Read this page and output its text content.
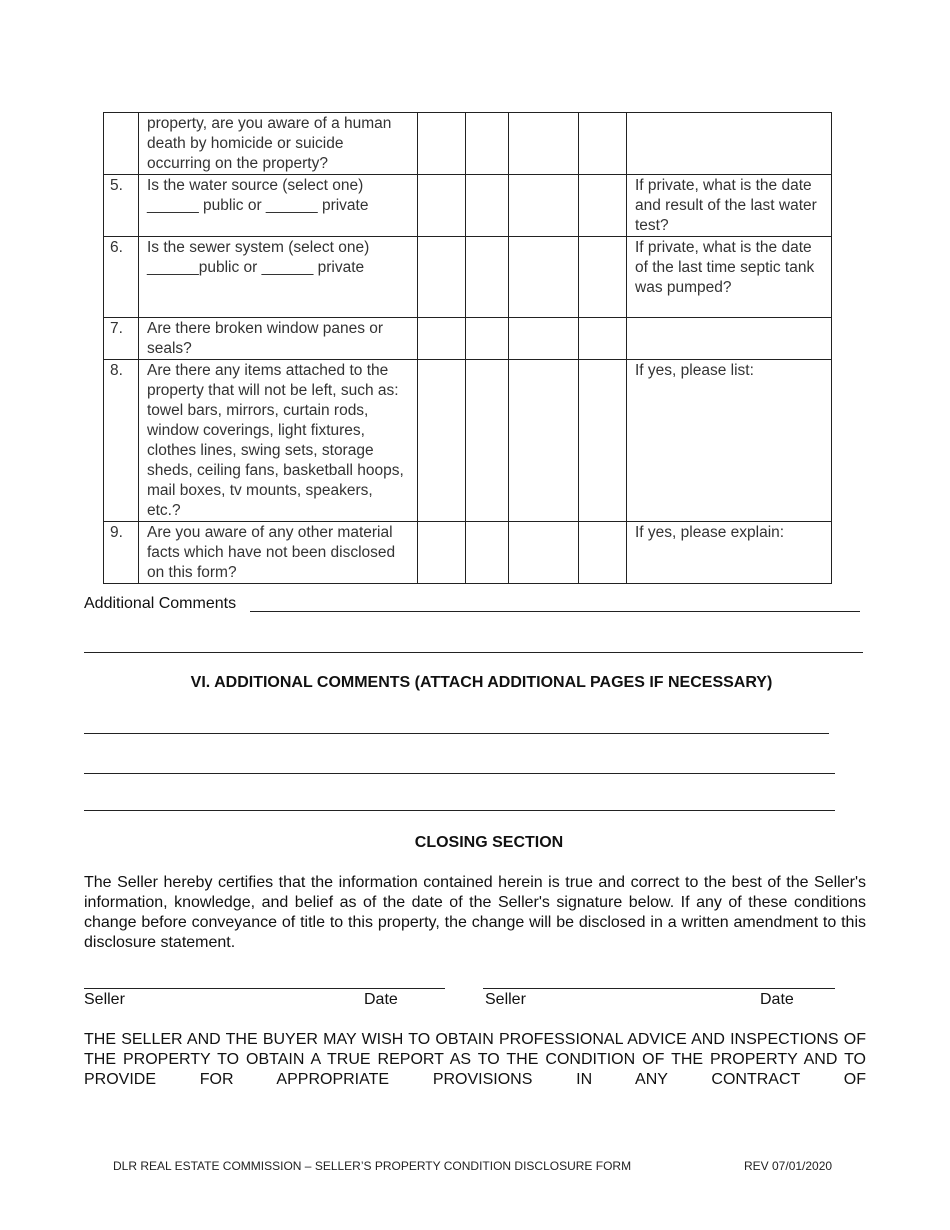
	property, are you aware of a human death by homicide or suicide occurring on the property?					
5.	Is the water source (select one) ______ public or ______ private					If private, what is the date and result of the last water test?
6.	Is the sewer system (select one) ______public or ______ private					If private, what is the date of the last time septic tank was pumped?
7.	Are there broken window panes or seals?					
8.	Are there any items attached to the property that will not be left, such as: towel bars, mirrors, curtain rods, window coverings, light fixtures, clothes lines, swing sets, storage sheds, ceiling fans, basketball hoops, mail boxes, tv mounts, speakers, etc.?					If yes, please list:
9.	Are you aware of any other material facts which have not been disclosed on this form?					If yes, please explain:
Additional Comments
VI. ADDITIONAL COMMENTS (ATTACH ADDITIONAL PAGES IF NECESSARY)
CLOSING SECTION
The Seller hereby certifies that the information contained herein is true and correct to the best of the Seller's information, knowledge, and belief as of the date of the Seller's signature below. If any of these conditions change before conveyance of title to this property, the change will be disclosed in a written amendment to this disclosure statement.
Seller	Date	Seller	Date
THE SELLER AND THE BUYER MAY WISH TO OBTAIN PROFESSIONAL ADVICE AND INSPECTIONS OF THE PROPERTY TO OBTAIN A TRUE REPORT AS TO THE CONDITION OF THE PROPERTY AND TO PROVIDE FOR APPROPRIATE PROVISIONS IN ANY CONTRACT OF
DLR REAL ESTATE COMMISSION – SELLER’S PROPERTY CONDITION DISCLOSURE FORM	REV 07/01/2020
